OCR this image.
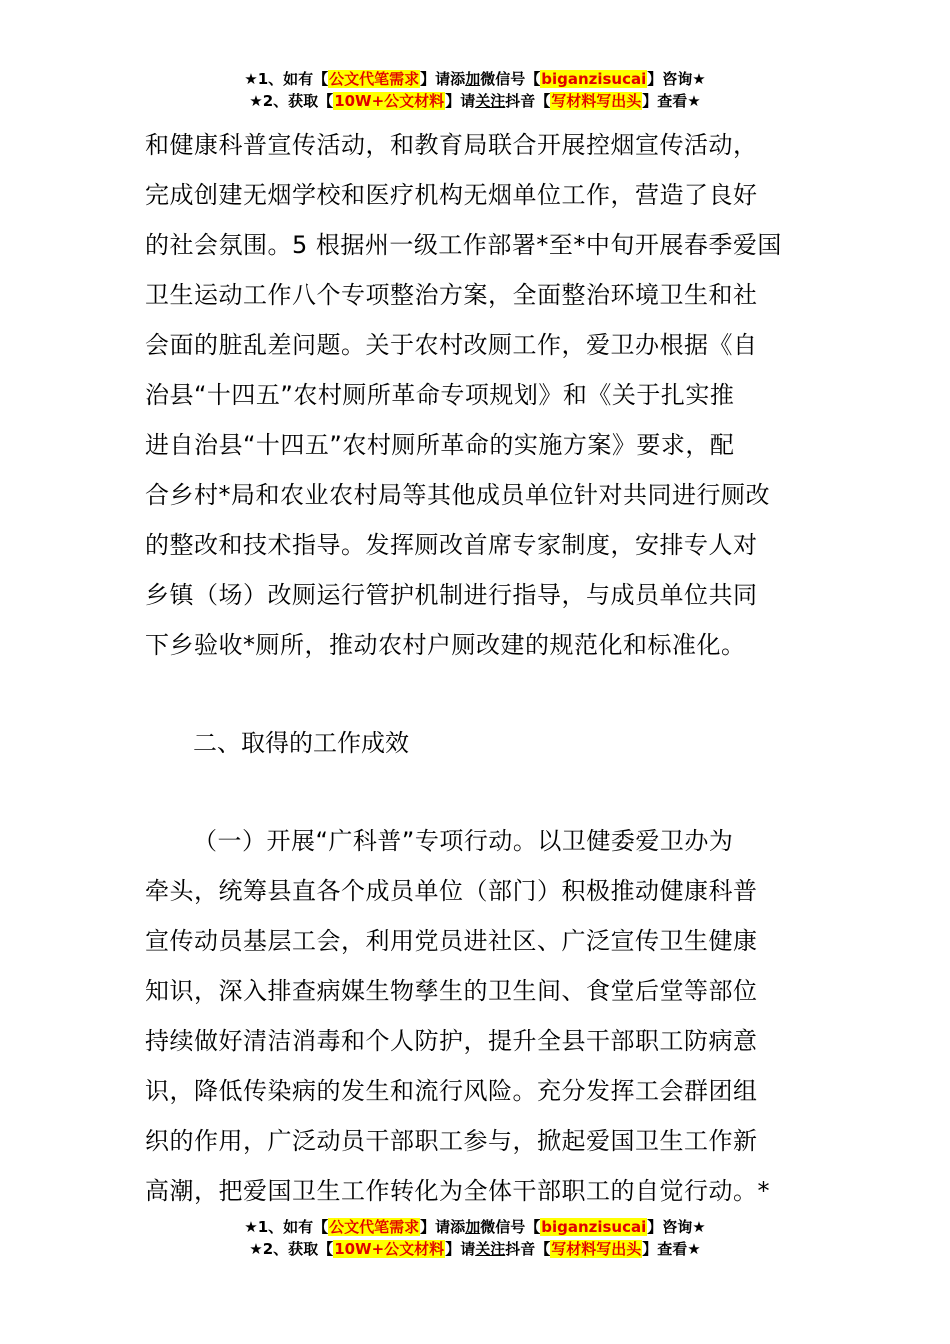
★1、如有【公文代笔需求】请添加微信号【biganzisucai】咨询★
★2、获取【10W+公文材料】请关注抖音【写材料写出头】查看★
和健康科普宣传活动，和教育局联合开展控烟宣传活动，
完成创建无烟学校和医疗机构无烟单位工作，营造了良好
的社会氛围。5 根据州一级工作部署*至*中旬开展春季爱国
卫生运动工作八个专项整治方案，全面整治环境卫生和社
会面的脏乱差问题。关于农村改厕工作，爱卫办根据《自
治县“十四五”农村厕所革命专项规划》和《关于扎实推
进自治县“十四五”农村厕所革命的实施方案》要求，配
合乡村*局和农业农村局等其他成员单位针对共同进行厕改
的整改和技术指导。发挥厕改首席专家制度，安排专人对
乡镇（场）改厕运行管护机制进行指导，与成员单位共同
下乡验收*厕所，推动农村户厕改建的规范化和标准化。
二、取得的工作成效
（一）开展“广科普”专项行动。以卫健委爱卫办为
牵头，统筹县直各个成员单位（部门）积极推动健康科普
宣传动员基层工会，利用党员进社区、广泛宣传卫生健康
知识，深入排查病媒生物孳生的卫生间、食堂后堂等部位
持续做好清洁消毒和个人防护，提升全县干部职工防病意
识，降低传染病的发生和流行风险。充分发挥工会群团组
织的作用，广泛动员干部职工参与，掀起爱国卫生工作新
高潮，把爱国卫生工作转化为全体干部职工的自觉行动。*
★1、如有【公文代笔需求】请添加微信号【biganzisucai】咨询★
★2、获取【10W+公文材料】请关注抖音【写材料写出头】查看★
